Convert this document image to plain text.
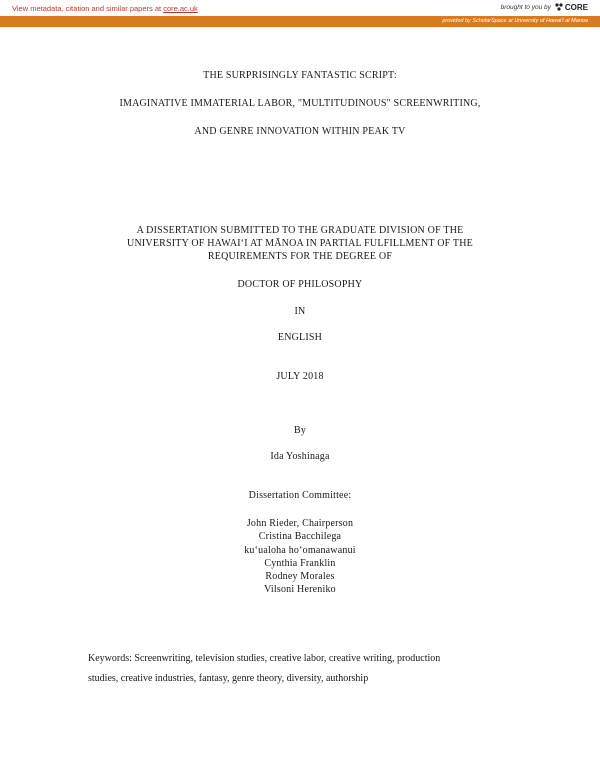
View metadata, citation and similar papers at core.ac.uk	brought to you by CORE
provided by ScholarSpace at University of Hawai'i at Manoa
THE SURPRISINGLY FANTASTIC SCRIPT:
IMAGINATIVE IMMATERIAL LABOR, "MULTITUDINOUS" SCREENWRITING,
AND GENRE INNOVATION WITHIN PEAK TV
A DISSERTATION SUBMITTED TO THE GRADUATE DIVISION OF THE
UNIVERSITY OF HAWAI‘I AT MĀNOA IN PARTIAL FULFILLMENT OF THE
REQUIREMENTS FOR THE DEGREE OF
DOCTOR OF PHILOSOPHY
IN
ENGLISH
JULY 2018
By
Ida Yoshinaga
Dissertation Committee:
John Rieder, Chairperson
Cristina Bacchilega
ku‘ualoha ho‘omanawanui
Cynthia Franklin
Rodney Morales
Vilsoni Hereniko
Keywords: Screenwriting, television studies, creative labor, creative writing, production
studies, creative industries, fantasy, genre theory, diversity, authorship
